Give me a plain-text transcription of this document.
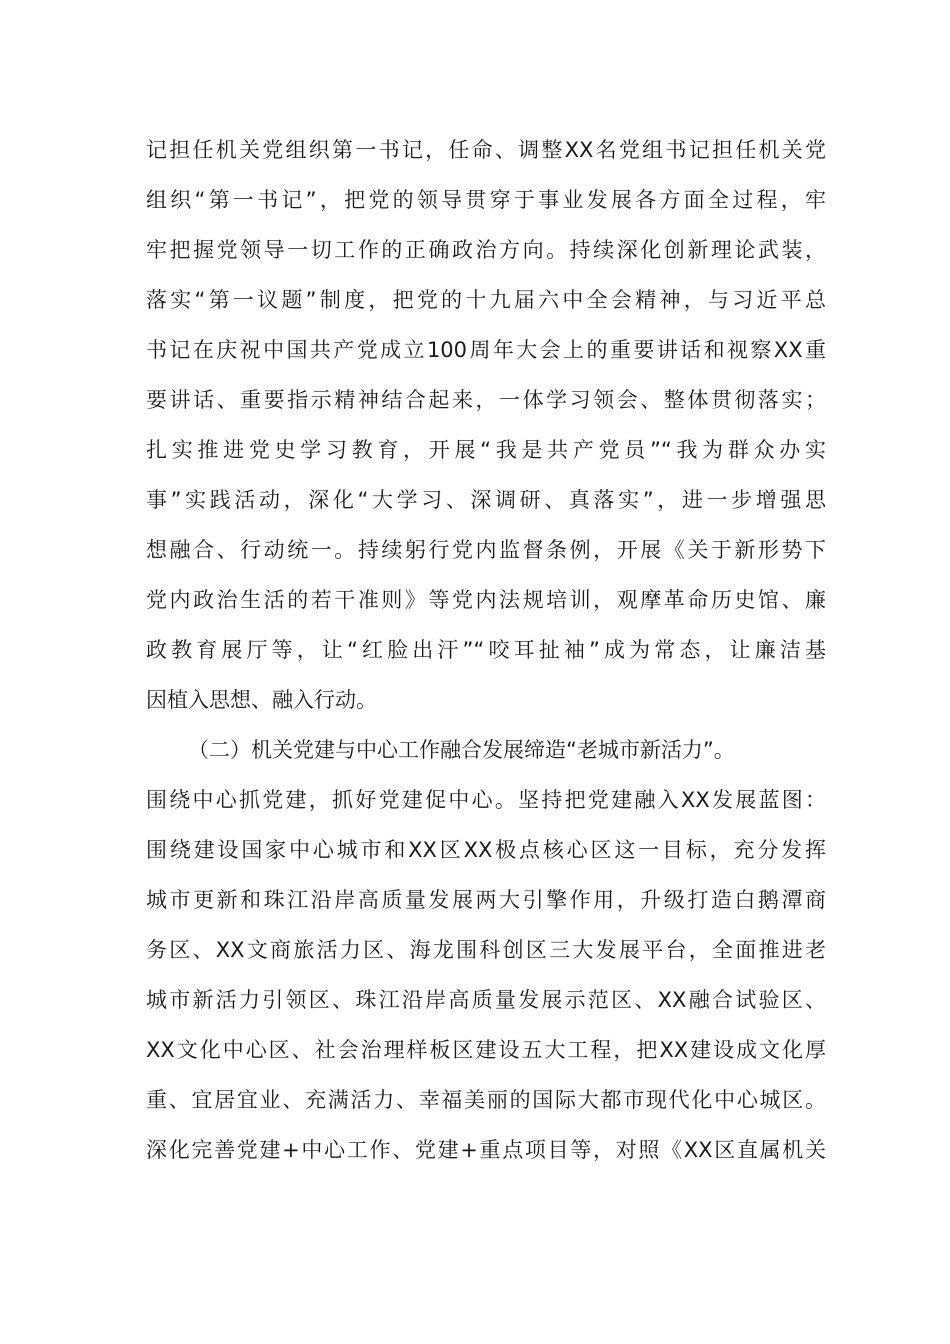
记担任机关党组织第一书记，任命、调整XX名党组书记担任机关党
组织“第一书记”，把党的领导贯穿于事业发展各方面全过程，牢
牢把握党领导一切工作的正确政治方向。持续深化创新理论武装，
落实“第一议题”制度，把党的十九届六中全会精神，与习近平总
书记在庆祝中国共产党成立100周年大会上的重要讲话和视察XX重
要讲话、重要指示精神结合起来，一体学习领会、整体贯彻落实；
扎实推进党史学习教育，开展“我是共产党员”“我为群众办实
事”实践活动，深化“大学习、深调研、真落实”，进一步增强思
想融合、行动统一。持续躬行党内监督条例，开展《关于新形势下
党内政治生活的若干准则》等党内法规培训，观摩革命历史馆、廉
政教育展厅等，让“红脸出汗”“咬耳扯袖”成为常态，让廉洁基
因植入思想、融入行动。
（二）机关党建与中心工作融合发展缔造“老城市新活力”。
围绕中心抓党建，抓好党建促中心。坚持把党建融入XX发展蓝图：
围绕建设国家中心城市和XX区XX极点核心区这一目标，充分发挥
城市更新和珠江沿岸高质量发展两大引擎作用，升级打造白鹅潭商
务区、XX文商旅活力区、海龙围科创区三大发展平台，全面推进老
城市新活力引领区、珠江沿岸高质量发展示范区、XX融合试验区、
XX文化中心区、社会治理样板区建设五大工程，把XX建设成文化厚
重、宜居宜业、充满活力、幸福美丽的国际大都市现代化中心城区。
深化完善党建+中心工作、党建+重点项目等，对照《XX区直属机关
